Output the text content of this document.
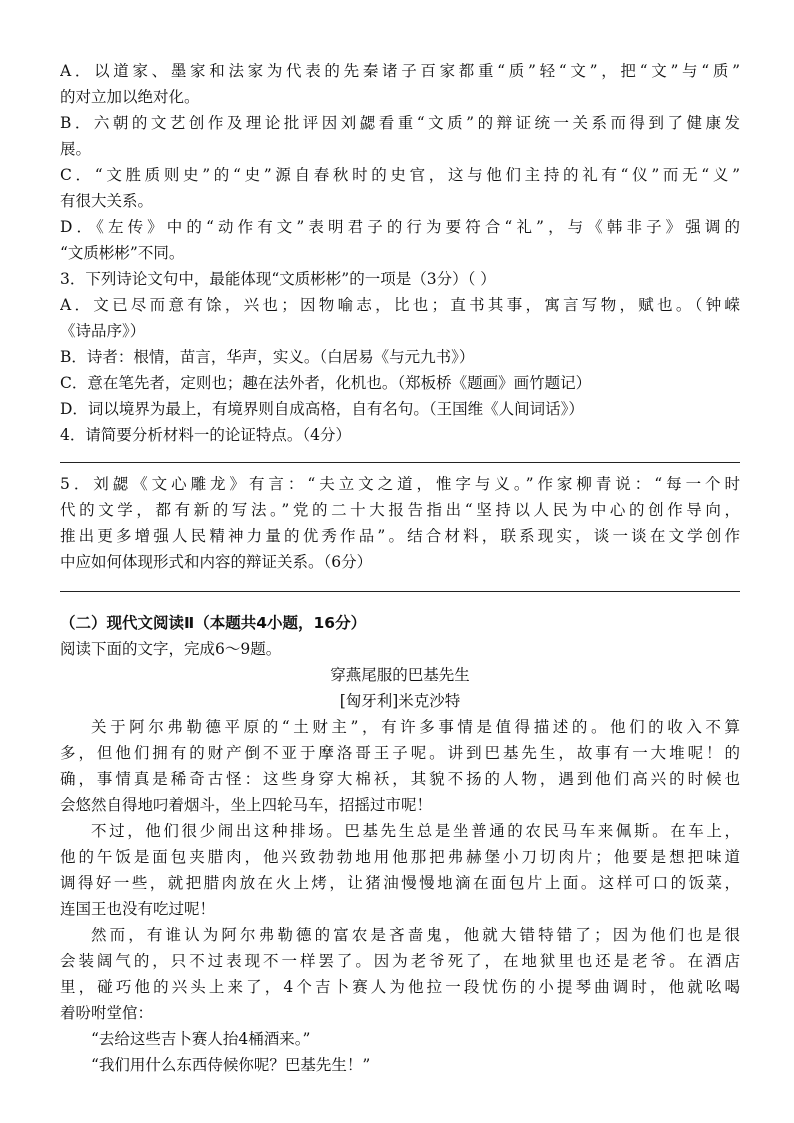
A．以道家、墨家和法家为代表的先秦诸子百家都重“质”轻“文”，把“文”与“质”
的对立加以绝对化。
B．六朝的文艺创作及理论批评因刘勰看重“文质”的辩证统一关系而得到了健康发
展。
C．“文胜质则史”的“史”源自春秋时的史官，这与他们主持的礼有“仪”而无“义”
有很大关系。
D．《左传》中的“动作有文”表明君子的行为要符合“礼”，与《韩非子》强调的
“文质彬彬”不同。
3．下列诗论文句中，最能体现“文质彬彬”的一项是（3分）（ ）
A．文已尽而意有馀，兴也；因物喻志，比也；直书其事，寓言写物，赋也。（钟嵘
《诗品序》）
B．诗者：根情，苗言，华声，实义。（白居易《与元九书》）
C．意在笔先者，定则也；趣在法外者，化机也。（郑板桥《题画》画竹题记）
D．词以境界为最上，有境界则自成高格，自有名句。（王国维《人间词话》）
4．请简要分析材料一的论证特点。（4分）
5．刘勰《文心雕龙》有言：“夫立文之道，惟字与义。”作家柳青说：“每一个时
代的文学，都有新的写法。”党的二十大报告指出“坚持以人民为中心的创作导向，
推出更多增强人民精神力量的优秀作品”。结合材料，联系现实，谈一谈在文学创作
中应如何体现形式和内容的辩证关系。（6分）
（二）现代文阅读Ⅱ（本题共4小题，16分）
阅读下面的文字，完成6～9题。
穿燕尾服的巴基先生
[匈牙利]米克沙特
关于阿尔弗勒德平原的“土财主”，有许多事情是值得描述的。他们的收入不算
多，但他们拥有的财产倒不亚于摩洛哥王子呢。讲到巴基先生，故事有一大堆呢！的
确，事情真是稀奇古怪：这些身穿大棉袄，其貌不扬的人物，遇到他们高兴的时候也
会悠然自得地叼着烟斗，坐上四轮马车，招摇过市呢！
不过，他们很少闹出这种排场。巴基先生总是坐普通的农民马车来佩斯。在车上，
他的午饭是面包夹腊肉，他兴致勃勃地用他那把弗赫堡小刀切肉片；他要是想把味道
调得好一些，就把腊肉放在火上烤，让猪油慢慢地滴在面包片上面。这样可口的饭菜，
连国王也没有吃过呢！
然而，有谁认为阿尔弗勒德的富农是吝啬鬼，他就大错特错了；因为他们也是很
会装阔气的，只不过表现不一样罢了。因为老爷死了，在地狱里也还是老爷。在酒店
里，碰巧他的兴头上来了，4个吉卜赛人为他拉一段忧伤的小提琴曲调时，他就吆喝
着吩咐堂倌：
“去给这些吉卜赛人抬4桶酒来。”
“我们用什么东西侍候你呢？巴基先生！”
